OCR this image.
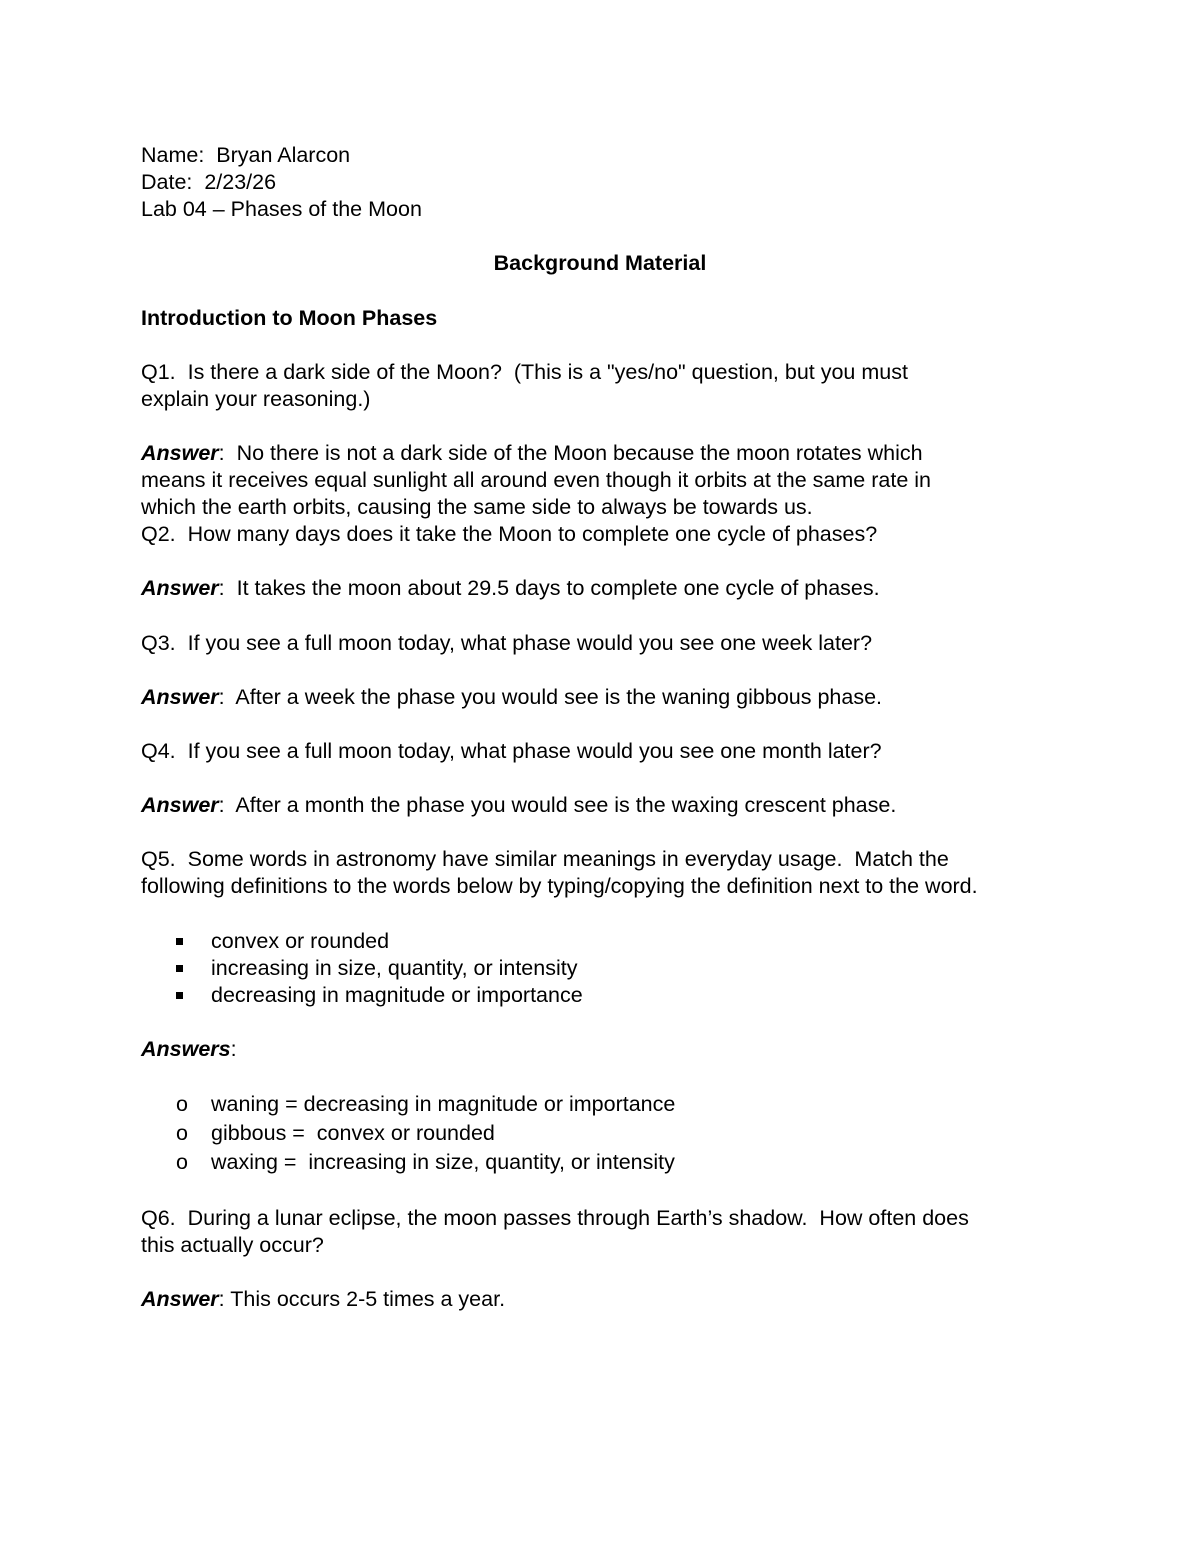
Name:  Bryan Alarcon

Date:  2/23/26

Lab 04 – Phases of the Moon

Background Material

Introduction to Moon Phases

Q1.  Is there a dark side of the Moon?  (This is a "yes/no" question, but you must

explain your reasoning.)

Answer:  No there is not a dark side of the Moon because the moon rotates which

means it receives equal sunlight all around even though it orbits at the same rate in

which the earth orbits, causing the same side to always be towards us.

Q2.  How many days does it take the Moon to complete one cycle of phases?

Answer:  It takes the moon about 29.5 days to complete one cycle of phases.

Q3.  If you see a full moon today, what phase would you see one week later?

Answer:  After a week the phase you would see is the waning gibbous phase.

Q4.  If you see a full moon today, what phase would you see one month later?

Answer:  After a month the phase you would see is the waxing crescent phase.

Q5.  Some words in astronomy have similar meanings in everyday usage.  Match the

following definitions to the words below by typing/copying the definition next to the word.

convex or rounded
increasing in size, quantity, or intensity
decreasing in magnitude or importance

Answers:

o waning = decreasing in magnitude or importance
o gibbous =  convex or rounded
o waxing =  increasing in size, quantity, or intensity

Q6.  During a lunar eclipse, the moon passes through Earth’s shadow.  How often does

this actually occur?

Answer: This occurs 2-5 times a year.
